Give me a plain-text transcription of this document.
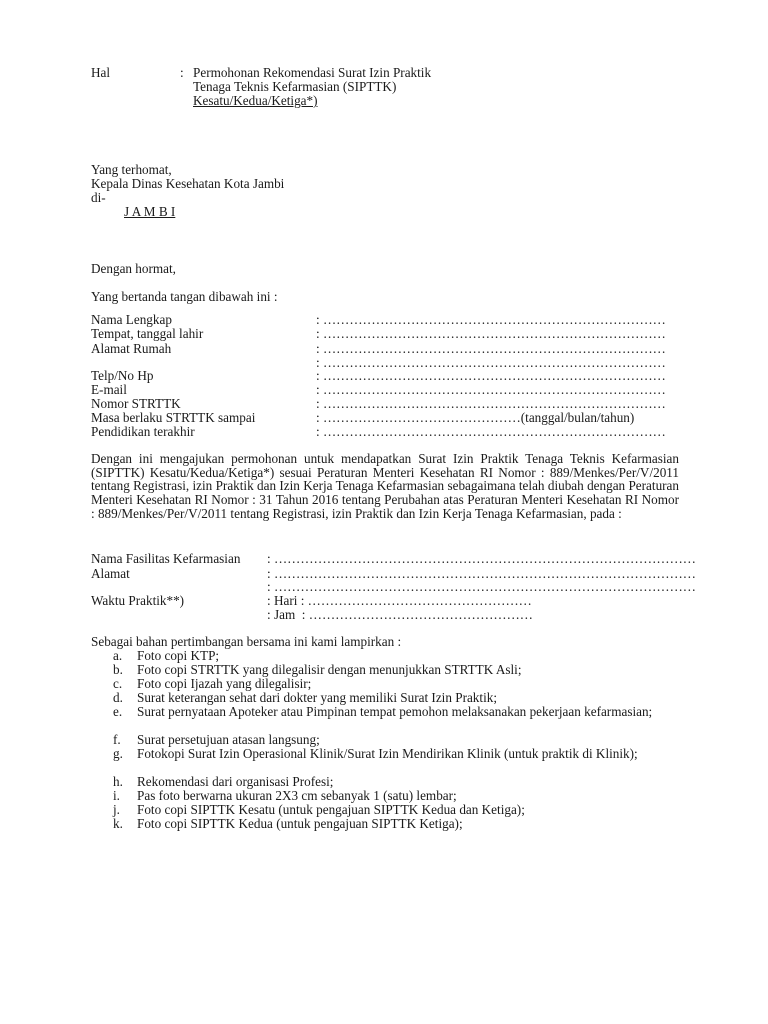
Hal	: Permohonan Rekomendasi Surat Izin Praktik
Tenaga Teknis Kefarmasian (SIPTTK)
Kesatu/Kedua/Ketiga*)
Yang terhomat,
Kepala Dinas Kesehatan Kota Jambi
di-
J A M B I
Dengan hormat,
Yang bertanda tangan dibawah ini :
Nama Lengkap	: ……………………………………………………………………
Tempat, tanggal lahir	: ……………………………………………………………………
Alamat Rumah	: ……………………………………………………………………
: ……………………………………………………………………
Telp/No Hp	: ……………………………………………………………………
E-mail	: ……………………………………………………………………
Nomor STRTTK	: ……………………………………………………………………
Masa berlaku STRTTK sampai	: ………………………………………(tanggal/bulan/tahun)
Pendidikan terakhir	: ……………………………………………………………………
Dengan ini mengajukan permohonan untuk mendapatkan Surat Izin Praktik Tenaga Teknis Kefarmasian (SIPTTK) Kesatu/Kedua/Ketiga*) sesuai Peraturan Menteri Kesehatan RI Nomor : 889/Menkes/Per/V/2011 tentang Registrasi, izin Praktik dan Izin Kerja Tenaga Kefarmasian sebagaimana telah diubah dengan Peraturan Menteri Kesehatan RI Nomor : 31 Tahun 2016 tentang Perubahan atas Peraturan Menteri Kesehatan RI Nomor : 889/Menkes/Per/V/2011 tentang Registrasi, izin Praktik dan Izin Kerja Tenaga Kefarmasian, pada :
Nama Fasilitas Kefarmasian : ……………………………………………………………………………………
Alamat	: ……………………………………………………………………………………
: ……………………………………………………………………………………
Waktu Praktik**)	: Hari : ……………………………………………
: Jam  : ……………………………………………
Sebagai bahan pertimbangan bersama ini kami lampirkan :
a. Foto copi KTP;
b. Foto copi STRTTK yang dilegalisir dengan menunjukkan STRTTK Asli;
c. Foto copi Ijazah yang dilegalisir;
d. Surat keterangan sehat dari dokter yang memiliki Surat Izin Praktik;
e. Surat pernyataan Apoteker atau Pimpinan tempat pemohon melaksanakan pekerjaan kefarmasian;
f. Surat persetujuan atasan langsung;
g. Fotokopi Surat Izin Operasional Klinik/Surat Izin Mendirikan Klinik (untuk praktik di Klinik);
h. Rekomendasi dari organisasi Profesi;
i. Pas foto berwarna ukuran 2X3 cm sebanyak 1 (satu) lembar;
j. Foto copi SIPTTK Kesatu (untuk pengajuan SIPTTK Kedua dan Ketiga);
k. Foto copi SIPTTK Kedua (untuk pengajuan SIPTTK Ketiga);
